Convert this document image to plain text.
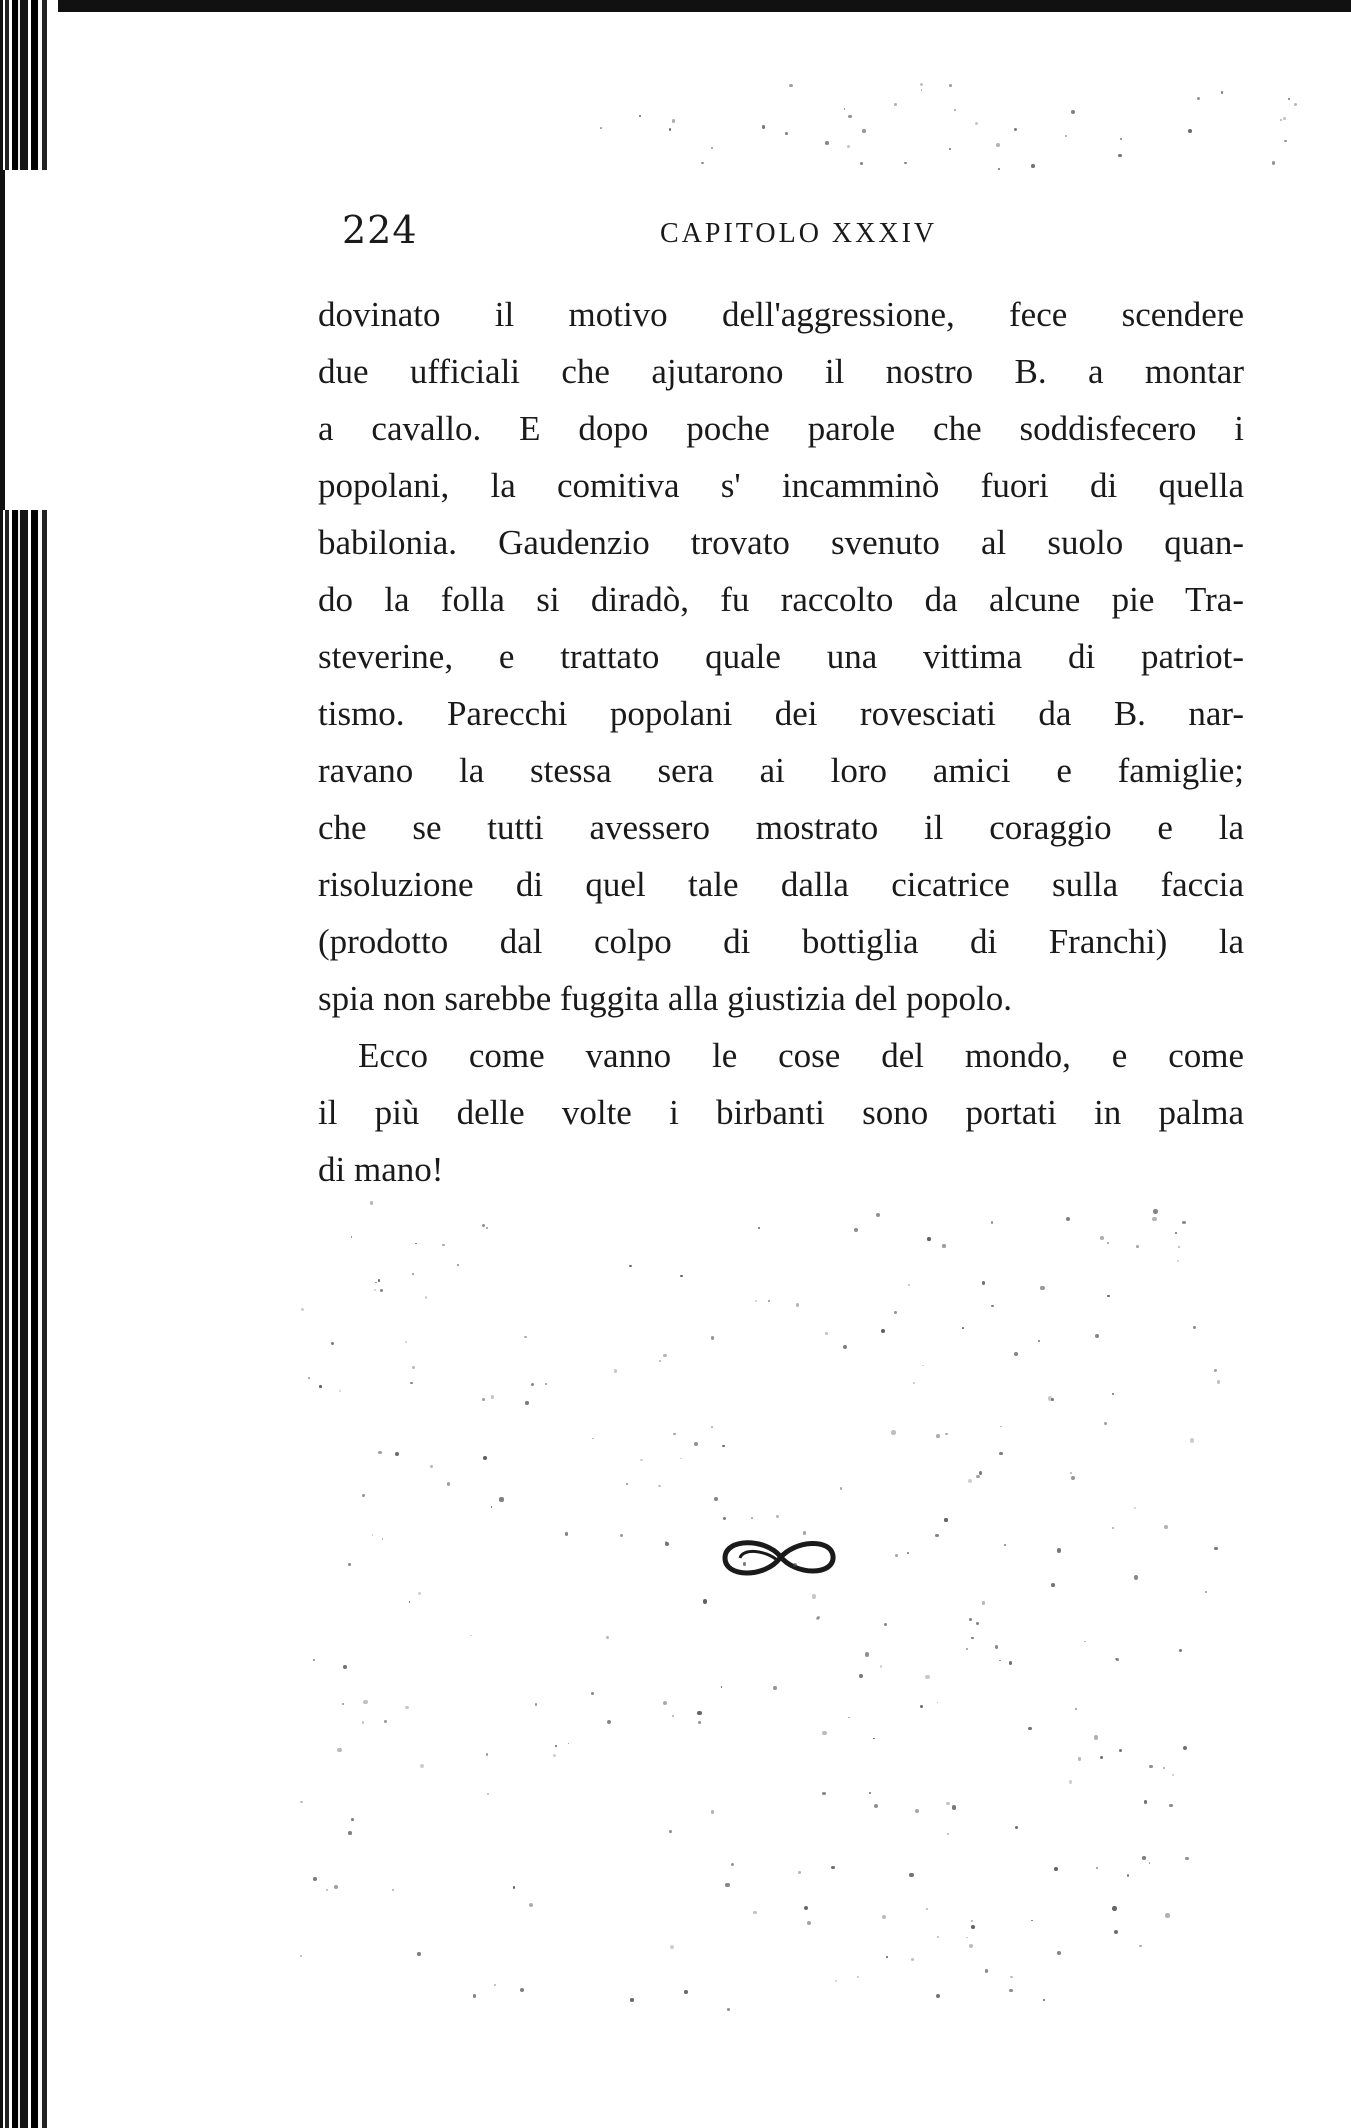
224	CAPITOLO XXXIV
dovinato il motivo dell'aggressione, fece scendere
due ufficiali che ajutarono il nostro B. a montar
a cavallo. E dopo poche parole che soddisfecero i
popolani, la comitiva s' incamminò fuori di quella
babilonia. Gaudenzio trovato svenuto al suolo quan-
do la folla si diradò, fu raccolto da alcune pie Tra-
steverine, e trattato quale una vittima di patriot-
tismo. Parecchi popolani dei rovesciati da B. nar-
ravano la stessa sera ai loro amici e famiglie;
che se tutti avessero mostrato il coraggio e la
risoluzione di quel tale dalla cicatrice sulla faccia
(prodotto dal colpo di bottiglia di Franchi) la
spia non sarebbe fuggita alla giustizia del popolo.
Ecco come vanno le cose del mondo, e come
il più delle volte i birbanti sono portati in palma
di mano!
